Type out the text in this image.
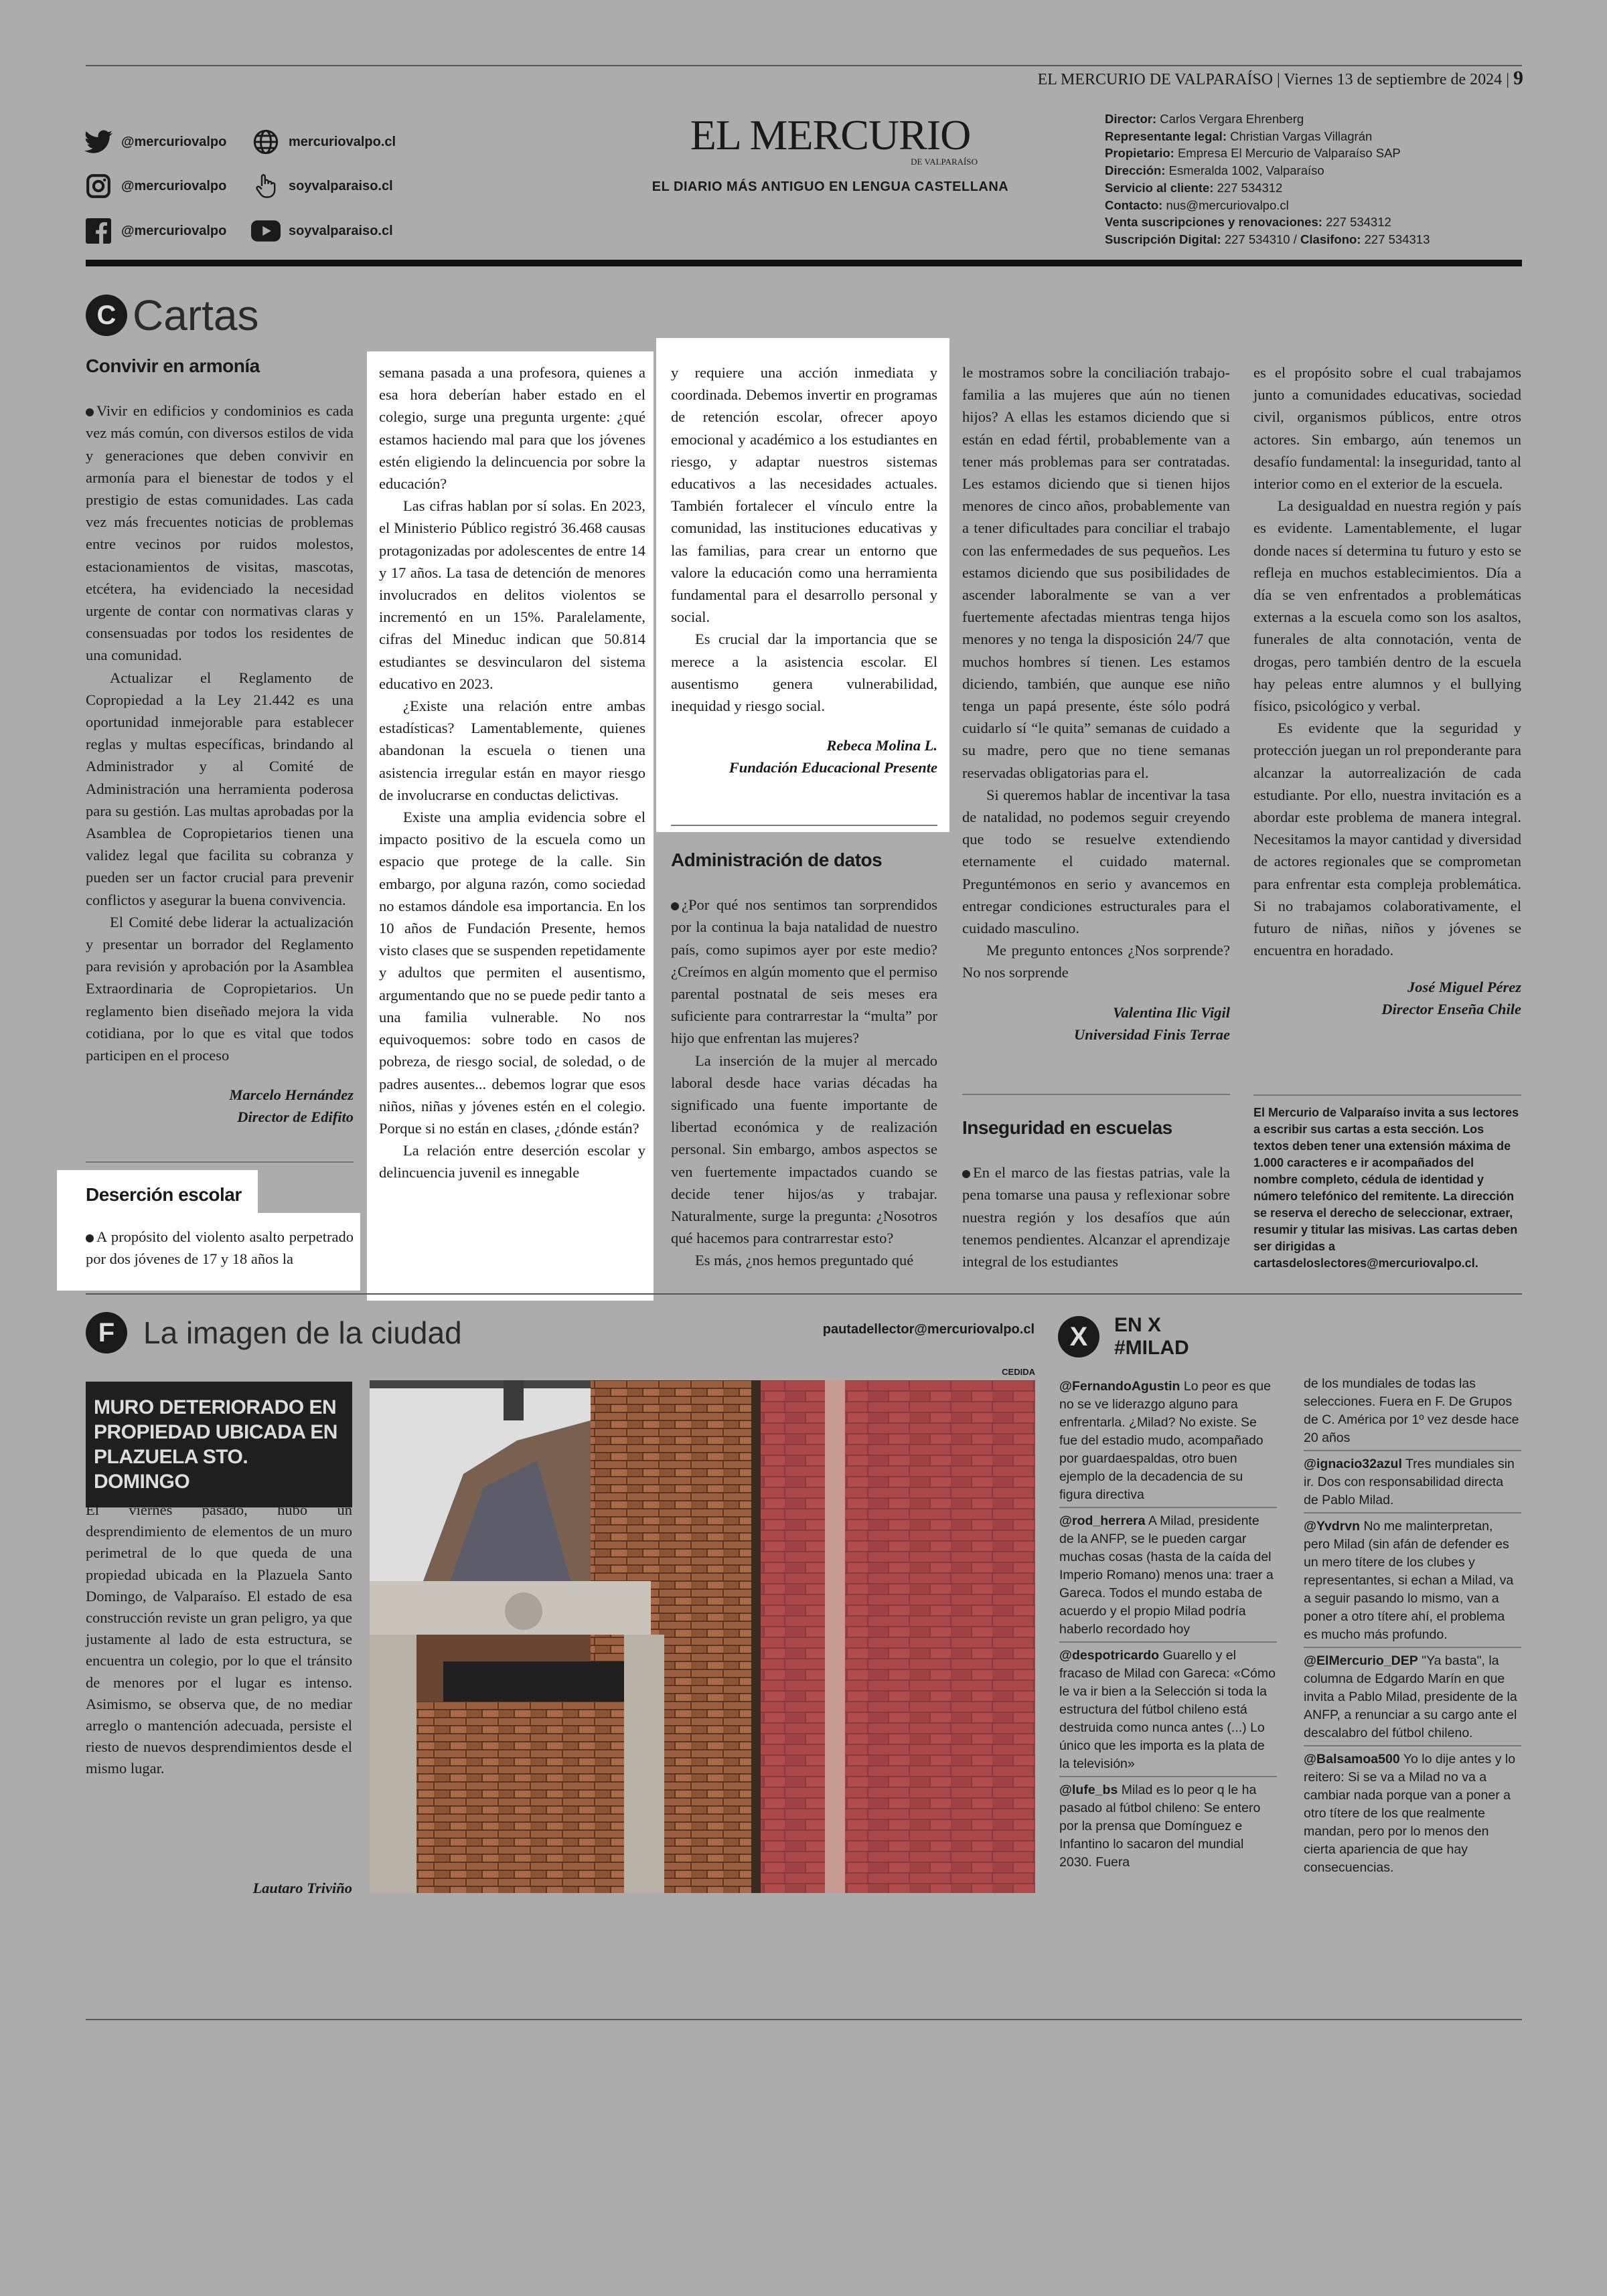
EL MERCURIO DE VALPARAÍSO | Viernes 13 de septiembre de 2024 | 9
@mercuriovalpo
@mercuriovalpo
@mercuriovalpo
mercuriovalpo.cl
soyvalparaiso.cl
soyvalparaiso.cl
EL MERCURIO
DE VALPARAÍSO
EL DIARIO MÁS ANTIGUO EN LENGUA CASTELLANA
Director: Carlos Vergara Ehrenberg
Representante legal: Christian Vargas Villagrán
Propietario: Empresa El Mercurio de Valparaíso SAP
Dirección: Esmeralda 1002, Valparaíso
Servicio al cliente: 227 534312
Contacto: nus@mercuriovalpo.cl
Venta suscripciones y renovaciones: 227 534312
Suscripción Digital: 227 534310 / Clasifono: 227 534313
C Cartas
Convivir en armonía

Vivir en edificios y condominios es cada vez más común, con diversos estilos de vida y generaciones que deben convivir en armonía para el bienestar de todos y el prestigio de estas comunidades. Las cada vez más frecuentes noticias de problemas entre vecinos por ruidos molestos, estacionamientos de visitas, mascotas, etcétera, ha evidenciado la necesidad urgente de contar con normativas claras y consensuadas por todos los residentes de una comunidad.

Actualizar el Reglamento de Copropiedad a la Ley 21.442 es una oportunidad inmejorable para establecer reglas y multas específicas, brindando al Administrador y al Comité de Administración una herramienta poderosa para su gestión. Las multas aprobadas por la Asamblea de Copropietarios tienen una validez legal que facilita su cobranza y pueden ser un factor crucial para prevenir conflictos y asegurar la buena convivencia.

El Comité debe liderar la actualización y presentar un borrador del Reglamento para revisión y aprobación por la Asamblea Extraordinaria de Copropietarios. Un reglamento bien diseñado mejora la vida cotidiana, por lo que es vital que todos participen en el proceso

Marcelo Hernández
Director de Edifito
Deserción escolar

A propósito del violento asalto perpetrado por dos jóvenes de 17 y 18 años la

semana pasada a una profesora, quienes a esa hora deberían haber estado en el colegio, surge una pregunta urgente: ¿qué estamos haciendo mal para que los jóvenes estén eligiendo la delincuencia por sobre la educación?

Las cifras hablan por sí solas. En 2023, el Ministerio Público registró 36.468 causas protagonizadas por adolescentes de entre 14 y 17 años. La tasa de detención de menores involucrados en delitos violentos se incrementó en un 15%. Paralelamente, cifras del Mineduc indican que 50.814 estudiantes se desvincularon del sistema educativo en 2023.

¿Existe una relación entre ambas estadísticas? Lamentablemente, quienes abandonan la escuela o tienen una asistencia irregular están en mayor riesgo de involucrarse en conductas delictivas.

Existe una amplia evidencia sobre el impacto positivo de la escuela como un espacio que protege de la calle. Sin embargo, por alguna razón, como sociedad no estamos dándole esa importancia. En los 10 años de Fundación Presente, hemos visto clases que se suspenden repetidamente y adultos que permiten el ausentismo, argumentando que no se puede pedir tanto a una familia vulnerable. No nos equivoquemos: sobre todo en casos de pobreza, de riesgo social, de soledad, o de padres ausentes... debemos lograr que esos niños, niñas y jóvenes estén en el colegio. Porque si no están en clases, ¿dónde están?

La relación entre deserción escolar y delincuencia juvenil es innegable

y requiere una acción inmediata y coordinada. Debemos invertir en programas de retención escolar, ofrecer apoyo emocional y académico a los estudiantes en riesgo, y adaptar nuestros sistemas educativos a las necesidades actuales. También fortalecer el vínculo entre la comunidad, las instituciones educativas y las familias, para crear un entorno que valore la educación como una herramienta fundamental para el desarrollo personal y social.

Es crucial dar la importancia que se merece a la asistencia escolar. El ausentismo genera vulnerabilidad, inequidad y riesgo social.

Rebeca Molina L.
Fundación Educacional Presente
Administración de datos

¿Por qué nos sentimos tan sorprendidos por la continua la baja natalidad de nuestro país, como supimos ayer por este medio? ¿Creímos en algún momento que el permiso parental postnatal de seis meses era suficiente para contrarrestar la “multa” por hijo que enfrentan las mujeres?

La inserción de la mujer al mercado laboral desde hace varias décadas ha significado una fuente importante de libertad económica y de realización personal. Sin embargo, ambos aspectos se ven fuertemente impactados cuando se decide tener hijos/as y trabajar. Naturalmente, surge la pregunta: ¿Nosotros qué hacemos para contrarrestar esto?

Es más, ¿nos hemos preguntado qué

le mostramos sobre la conciliación trabajo-familia a las mujeres que aún no tienen hijos? A ellas les estamos diciendo que si están en edad fértil, probablemente van a tener más problemas para ser contratadas. Les estamos diciendo que si tienen hijos menores de cinco años, probablemente van a tener dificultades para conciliar el trabajo con las enfermedades de sus pequeños. Les estamos diciendo que sus posibilidades de ascender laboralmente se van a ver fuertemente afectadas mientras tenga hijos menores y no tenga la disposición 24/7 que muchos hombres sí tienen. Les estamos diciendo, también, que aunque ese niño tenga un papá presente, éste sólo podrá cuidarlo sí “le quita” semanas de cuidado a su madre, pero que no tiene semanas reservadas obligatorias para el.

Si queremos hablar de incentivar la tasa de natalidad, no podemos seguir creyendo que todo se resuelve extendiendo eternamente el cuidado maternal. Preguntémonos en serio y avancemos en entregar condiciones estructurales para el cuidado masculino.

Me pregunto entonces ¿Nos sorprende? No nos sorprende

Valentina Ilic Vigil
Universidad Finis Terrae
Inseguridad en escuelas

En el marco de las fiestas patrias, vale la pena tomarse una pausa y reflexionar sobre nuestra región y los desafíos que aún tenemos pendientes. Alcanzar el aprendizaje integral de los estudiantes

es el propósito sobre el cual trabajamos junto a comunidades educativas, sociedad civil, organismos públicos, entre otros actores. Sin embargo, aún tenemos un desafío fundamental: la inseguridad, tanto al interior como en el exterior de la escuela.

La desigualdad en nuestra región y país es evidente. Lamentablemente, el lugar donde naces sí determina tu futuro y esto se refleja en muchos establecimientos. Día a día se ven enfrentados a problemáticas externas a la escuela como son los asaltos, funerales de alta connotación, venta de drogas, pero también dentro de la escuela hay peleas entre alumnos y el bullying físico, psicológico y verbal.

Es evidente que la seguridad y protección juegan un rol preponderante para alcanzar la autorrealización de cada estudiante. Por ello, nuestra invitación es a abordar este problema de manera integral. Necesitamos la mayor cantidad y diversidad de actores regionales que se comprometan para enfrentar esta compleja problemática. Si no trabajamos colaborativamente, el futuro de niñas, niños y jóvenes se encuentra en horadado.

José Miguel Pérez
Director Enseña Chile
El Mercurio de Valparaíso invita a sus lectores a escribir sus cartas a esta sección. Los textos deben tener una extensión máxima de 1.000 caracteres e ir acompañados del nombre completo, cédula de identidad y número telefónico del remitente. La dirección se reserva el derecho de seleccionar, extraer, resumir y titular las misivas. Las cartas deben ser dirigidas a cartasdeloslectores@mercuriovalpo.cl.
F La imagen de la ciudad	pautadellector@mercuriovalpo.cl
CEDIDA
MURO DETERIORADO EN PROPIEDAD UBICADA EN PLAZUELA STO. DOMINGO

El viernes pasado, hubo un desprendimiento de elementos de un muro perimetral de lo que queda de una propiedad ubicada en la Plazuela Santo Domingo, de Valparaíso. El estado de esa construcción reviste un gran peligro, ya que justamente al lado de esta estructura, se encuentra un colegio, por lo que el tránsito de menores por el lugar es intenso. Asimismo, se observa que, de no mediar arreglo o mantención adecuada, persiste el riesto de nuevos desprendimientos desde el mismo lugar.

Lautaro Triviño
X	EN X
#MILAD
@FernandoAgustin Lo peor es que no se ve liderazgo alguno para enfrentarla. ¿Milad? No existe. Se fue del estadio mudo, acompañado por guardaespaldas, otro buen ejemplo de la decadencia de su figura directiva
@rod_herrera A Milad, presidente de la ANFP, se le pueden cargar muchas cosas (hasta de la caída del Imperio Romano) menos una: traer a Gareca. Todos el mundo estaba de acuerdo y el propio Milad podría haberlo recordado hoy
@despotricardo Guarello y el fracaso de Milad con Gareca: «Cómo le va ir bien a la Selección si toda la estructura del fútbol chileno está destruida como nunca antes (...) Lo único que les importa es la plata de la televisión»
@lufe_bs Milad es lo peor q le ha pasado al fútbol chileno: Se entero por la prensa que Domínguez e Infantino lo sacaron del mundial 2030. Fuera
de los mundiales de todas las selecciones. Fuera en F. De Grupos de C. América por 1º vez desde hace 20 años
@ignacio32azul Tres mundiales sin ir. Dos con responsabilidad directa de Pablo Milad.
@Yvdrvn No me malinterpretan, pero Milad (sin afán de defender es un mero títere de los clubes y representantes, si echan a Milad, va a seguir pasando lo mismo, van a poner a otro títere ahí, el problema es mucho más profundo.
@ElMercurio_DEP "Ya basta", la columna de Edgardo Marín en que invita a Pablo Milad, presidente de la ANFP, a renunciar a su cargo ante el descalabro del fútbol chileno.
@Balsamoa500 Yo lo dije antes y lo reitero: Si se va a Milad no va a cambiar nada porque van a poner a otro títere de los que realmente mandan, pero por lo menos den cierta apariencia de que hay consecuencias.
